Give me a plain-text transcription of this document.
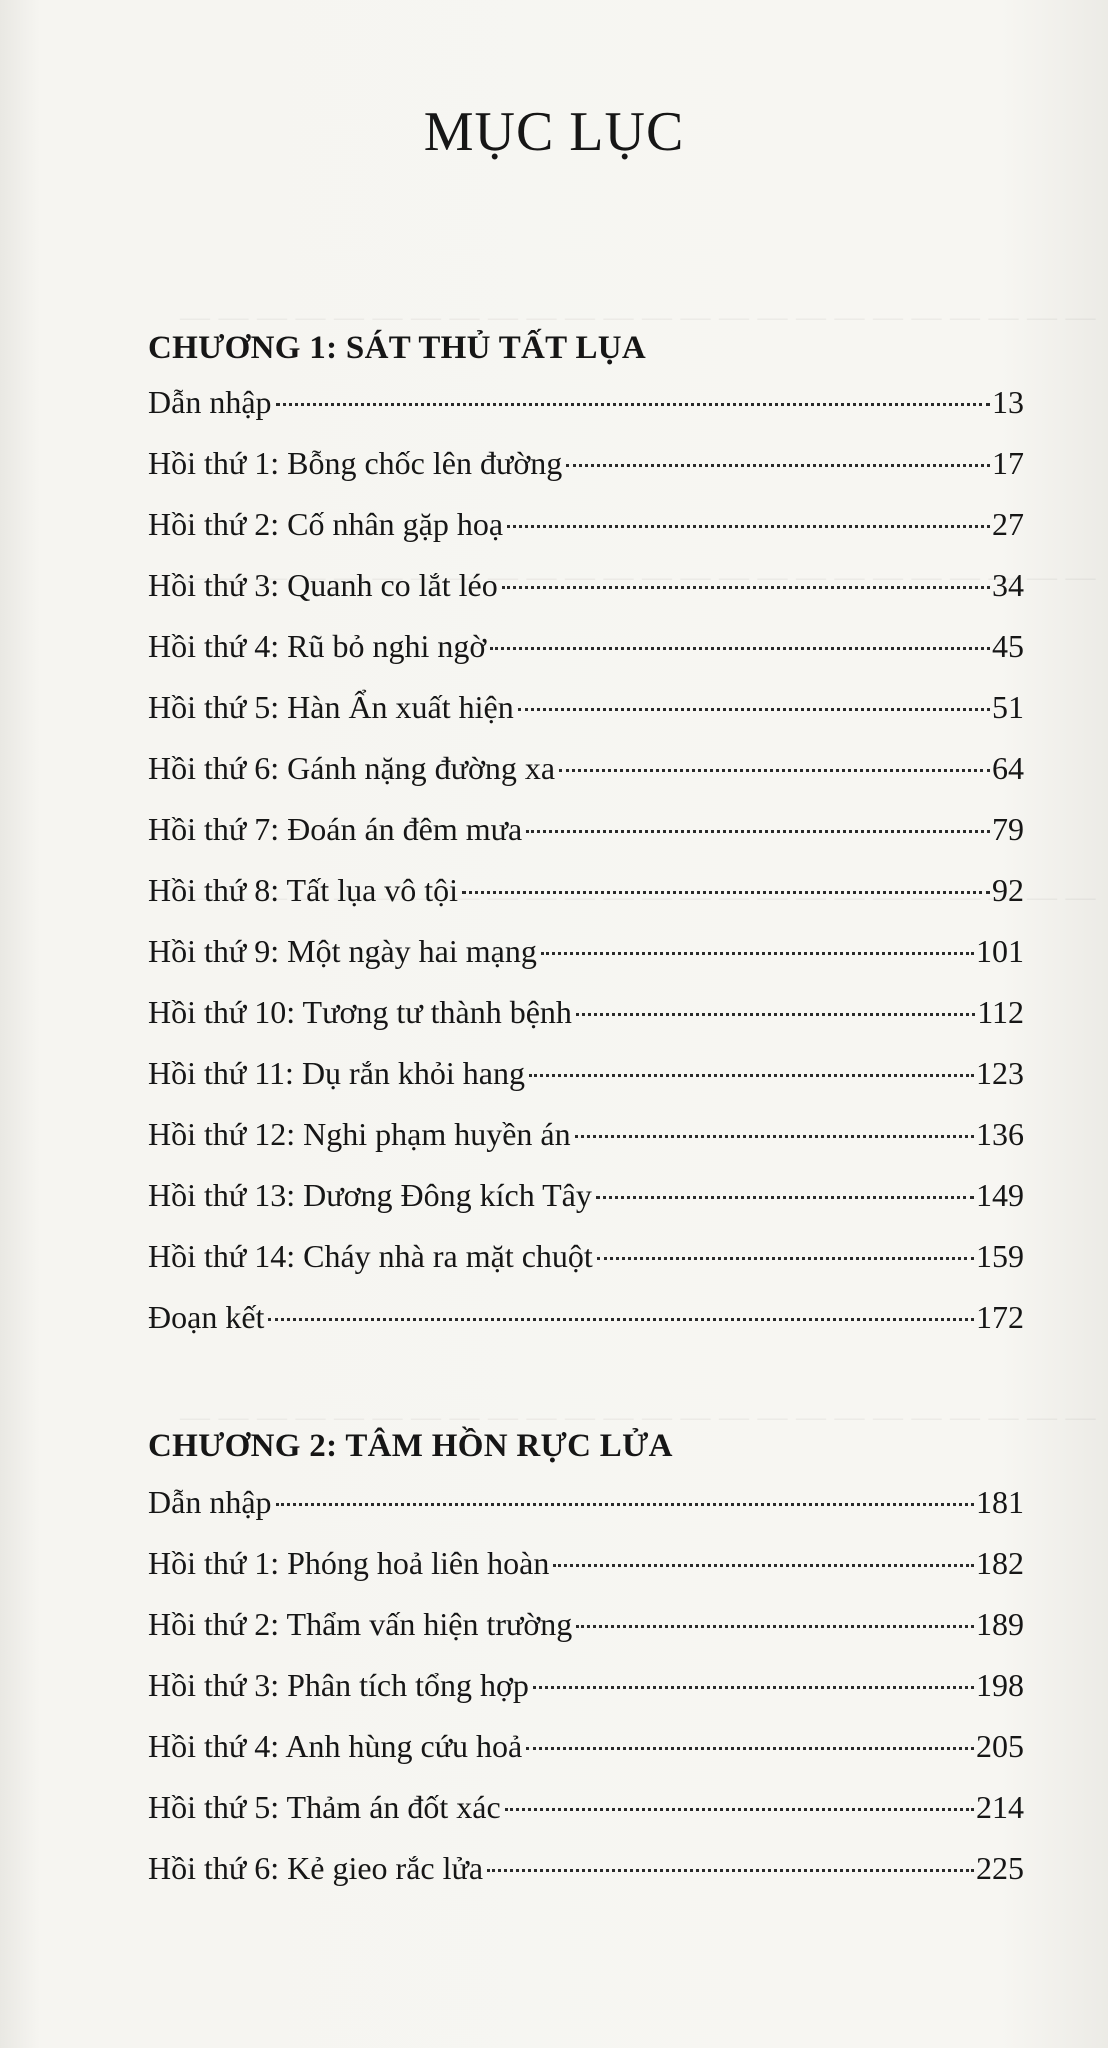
MỤC LỤC
CHƯƠNG 1: SÁT THỦ TẤT LỤA
Dẫn nhập	13
Hồi thứ 1: Bỗng chốc lên đường	17
Hồi thứ 2: Cố nhân gặp hoạ	27
Hồi thứ 3: Quanh co lắt léo	34
Hồi thứ 4: Rũ bỏ nghi ngờ	45
Hồi thứ 5: Hàn Ẩn xuất hiện	51
Hồi thứ 6: Gánh nặng đường xa	64
Hồi thứ 7: Đoán án đêm mưa	79
Hồi thứ 8: Tất lụa vô tội	92
Hồi thứ 9: Một ngày hai mạng	101
Hồi thứ 10: Tương tư thành bệnh	112
Hồi thứ 11: Dụ rắn khỏi hang	123
Hồi thứ 12: Nghi phạm huyền án	136
Hồi thứ 13: Dương Đông kích Tây	149
Hồi thứ 14: Cháy nhà ra mặt chuột	159
Đoạn kết	172
CHƯƠNG 2: TÂM HỒN RỰC LỬA
Dẫn nhập	181
Hồi thứ 1: Phóng hoả liên hoàn	182
Hồi thứ 2: Thẩm vấn hiện trường	189
Hồi thứ 3: Phân tích tổng hợp	198
Hồi thứ 4: Anh hùng cứu hoả	205
Hồi thứ 5: Thảm án đốt xác	214
Hồi thứ 6: Kẻ gieo rắc lửa	225
